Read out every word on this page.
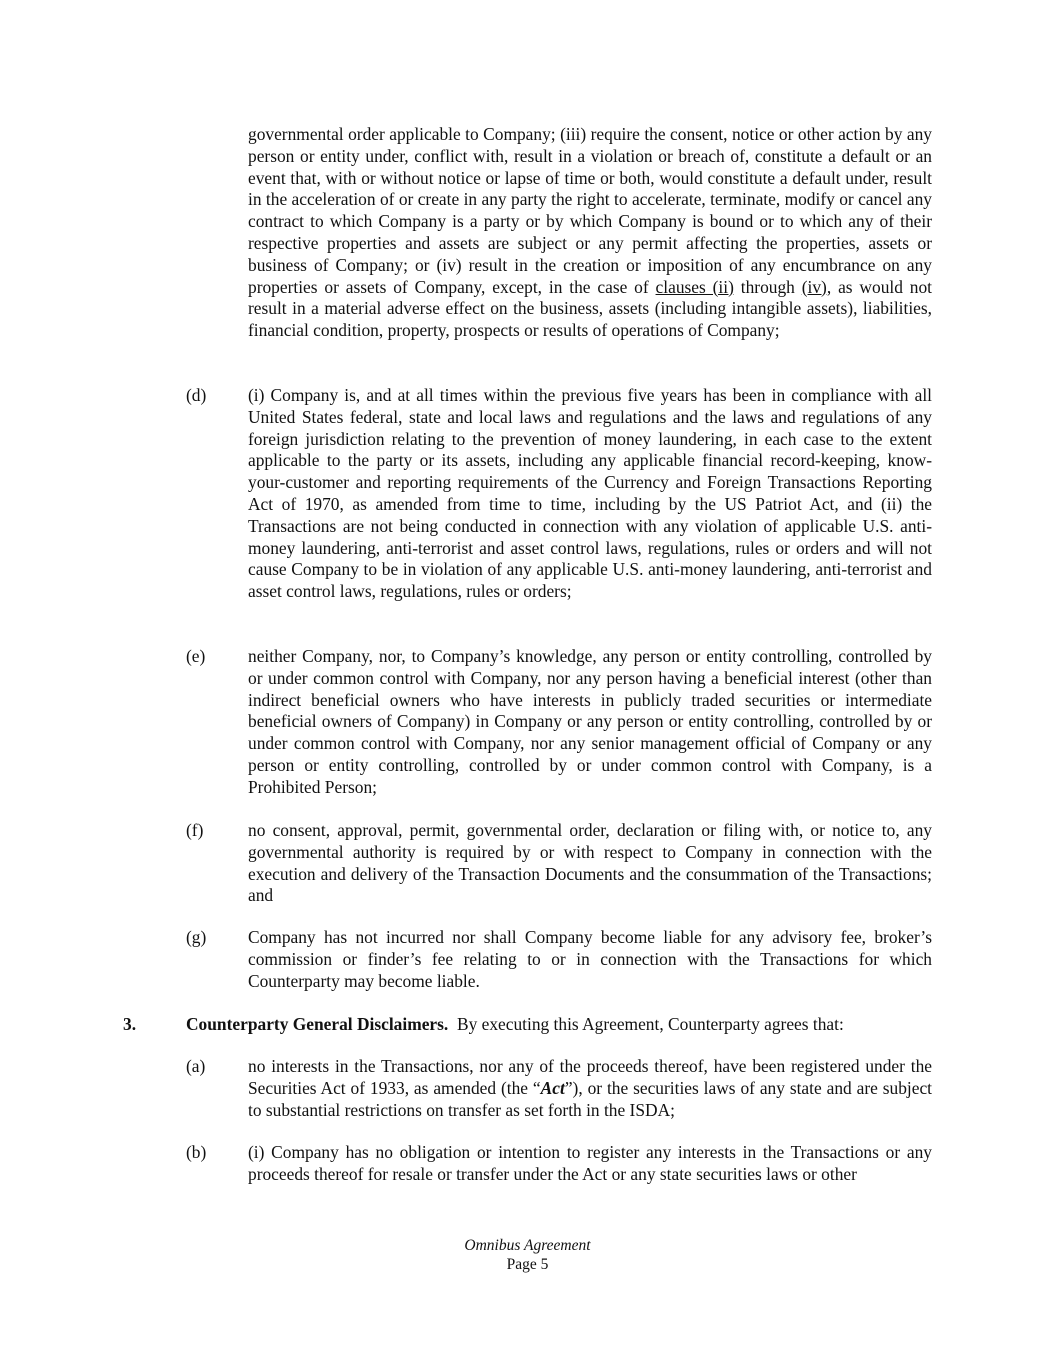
governmental order applicable to Company; (iii) require the consent, notice or other action by any person or entity under, conflict with, result in a violation or breach of, constitute a default or an event that, with or without notice or lapse of time or both, would constitute a default under, result in the acceleration of or create in any party the right to accelerate, terminate, modify or cancel any contract to which Company is a party or by which Company is bound or to which any of their respective properties and assets are subject or any permit affecting the properties, assets or business of Company; or (iv) result in the creation or imposition of any encumbrance on any properties or assets of Company, except, in the case of clauses (ii) through (iv), as would not result in a material adverse effect on the business, assets (including intangible assets), liabilities, financial condition, property, prospects or results of operations of Company;

(d) (i) Company is, and at all times within the previous five years has been in compliance with all United States federal, state and local laws and regulations and the laws and regulations of any foreign jurisdiction relating to the prevention of money laundering, in each case to the extent applicable to the party or its assets, including any applicable financial record-keeping, know-your-customer and reporting requirements of the Currency and Foreign Transactions Reporting Act of 1970, as amended from time to time, including by the US Patriot Act, and (ii) the Transactions are not being conducted in connection with any violation of applicable U.S. anti-money laundering, anti-terrorist and asset control laws, regulations, rules or orders and will not cause Company to be in violation of any applicable U.S. anti-money laundering, anti-terrorist and asset control laws, regulations, rules or orders;

(e) neither Company, nor, to Company’s knowledge, any person or entity controlling, controlled by or under common control with Company, nor any person having a beneficial interest (other than indirect beneficial owners who have interests in publicly traded securities or intermediate beneficial owners of Company) in Company or any person or entity controlling, controlled by or under common control with Company, nor any senior management official of Company or any person or entity controlling, controlled by or under common control with Company, is a Prohibited Person;

(f)	no consent, approval, permit, governmental order, declaration or filing with, or notice to, any governmental authority is required by or with respect to Company in connection with the execution and delivery of the Transaction Documents and the consummation of the Transactions; and

(g) Company has not incurred nor shall Company become liable for any advisory fee, broker’s commission or finder’s fee relating to or in connection with the Transactions for which Counterparty may become liable.

3.	Counterparty General Disclaimers. By executing this Agreement, Counterparty agrees that:
(a) no interests in the Transactions, nor any of the proceeds thereof, have been registered under the Securities Act of 1933, as amended (the “Act”), or the securities laws of any state and are subject to substantial restrictions on transfer as set forth in the ISDA;

(b) (i) Company has no obligation or intention to register any interests in the Transactions or any proceeds thereof for resale or transfer under the Act or any state securities laws or other

Omnibus Agreement
Page 5
